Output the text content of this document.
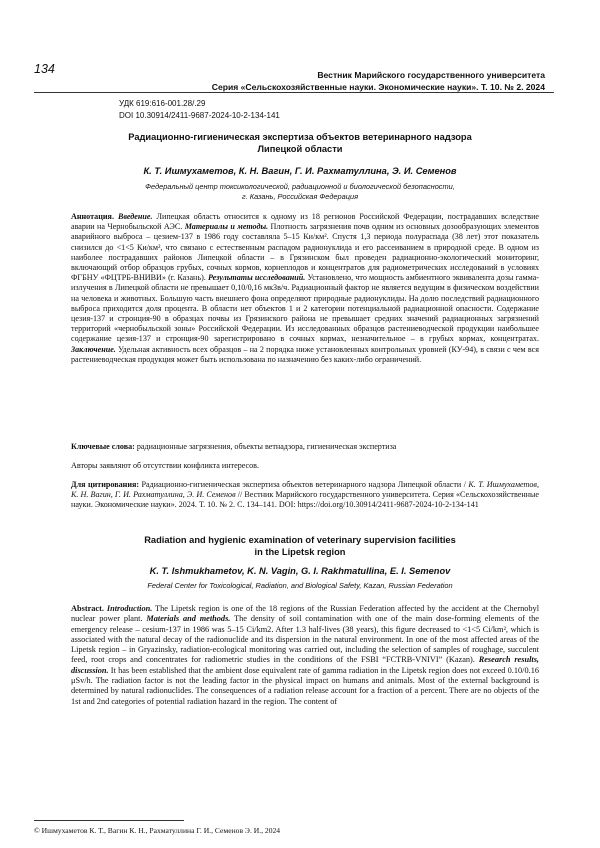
134	Вестник Марийского государственного университета
Серия «Сельскохозяйственные науки. Экономические науки». Т. 10. № 2. 2024
УДК 619:616-001.28/.29
DOI 10.30914/2411-9687-2024-10-2-134-141
Радиационно-гигиеническая экспертиза объектов ветеринарного надзора
Липецкой области
К. Т. Ишмухаметов, К. Н. Вагин, Г. И. Рахматуллина, Э. И. Семенов
Федеральный центр токсикологической, радиационной и биологической безопасности,
г. Казань, Российская Федерация
Аннотация. Введение. Липецкая область относится к одному из 18 регионов Российской Федерации, пострадавших вследствие аварии на Чернобыльской АЭС. Материалы и методы. Плотность загрязнения почв одним из основных дозообразующих элементов аварийного выброса – цезием-137 в 1986 году составляла 5–15 Ки/км². Спустя 1,3 периода полураспада (38 лет) этот показатель снизился до <1<5 Ки/км², что связано с естественным распадом радионуклида и его рассеиванием в природной среде. В одном из наиболее пострадавших районов Липецкой области – в Грязинском был проведен радиационно-экологический мониторинг, включающий отбор образцов грубых, сочных кормов, корнеплодов и концентратов для радиометрических исследований в условиях ФГБНУ «ФЦТРБ-ВНИВИ» (г. Казань). Результаты исследований. Установлено, что мощность амбиентного эквивалента дозы гамма-излучения в Липецкой области не превышает 0,10/0,16 мкЗв/ч. Радиационный фактор не является ведущим в физическом воздействии на человека и животных. Большую часть внешнего фона определяют природные радионуклиды. На долю последствий радиационного выброса приходится доля процента. В области нет объектов 1 и 2 категории потенциальной радиационной опасности. Содержание цезия-137 и стронция-90 в образцах почвы из Грязинского района не превышает средних значений радиационных загрязнений территорий «чернобыльской зоны» Российской Федерации. Из исследованных образцов растениеводческой продукции наибольшее содержание цезия-137 и стронция-90 зарегистрировано в сочных кормах, незначительное – в грубых кормах, концентратах. Заключение. Удельная активность всех образцов – на 2 порядка ниже установленных контрольных уровней (КУ-94), в связи с чем вся растениеводческая продукция может быть использована по назначению без каких-либо ограничений.
Ключевые слова: радиационные загрязнения, объекты ветнадзора, гигиеническая экспертиза
Авторы заявляют об отсутствии конфликта интересов.
Для цитирования: Радиационно-гигиеническая экспертиза объектов ветеринарного надзора Липецкой области / К. Т. Ишмухаметов, К. Н. Вагин, Г. И. Рахматуллина, Э. И. Семенов // Вестник Марийского государственного университета. Серия «Сельскохозяйственные науки. Экономические науки». 2024. Т. 10. № 2. С. 134–141. DOI: https://doi.org/10.30914/2411-9687-2024-10-2-134-141
Radiation and hygienic examination of veterinary supervision facilities
in the Lipetsk region
K. T. Ishmukhametov, K. N. Vagin, G. I. Rakhmatullina, E. I. Semenov
Federal Center for Toxicological, Radiation, and Biological Safety, Kazan, Russian Federation
Abstract. Introduction. The Lipetsk region is one of the 18 regions of the Russian Federation affected by the accident at the Chernobyl nuclear power plant. Materials and methods. The density of soil contamination with one of the main dose-forming elements of the emergency release – cesium-137 in 1986 was 5–15 Ci/km2. After 1.3 half-lives (38 years), this figure decreased to <1<5 Ci/km², which is associated with the natural decay of the radionuclide and its dispersion in the natural environment. In one of the most affected areas of the Lipetsk region – in Gryazinsky, radiation-ecological monitoring was carried out, including the selection of samples of roughage, succulent feed, root crops and concentrates for radiometric studies in the conditions of the FSBI “FCTRB-VNIVI” (Kazan). Research results, discussion. It has been established that the ambient dose equivalent rate of gamma radiation in the Lipetsk region does not exceed 0.10/0.16 μSv/h. The radiation factor is not the leading factor in the physical impact on humans and animals. Most of the external background is determined by natural radionuclides. The consequences of a radiation release account for a fraction of a percent. There are no objects of the 1st and 2nd categories of potential radiation hazard in the region. The content of
© Ишмухаметов К. Т., Вагин К. Н., Рахматуллина Г. И., Семенов Э. И., 2024
